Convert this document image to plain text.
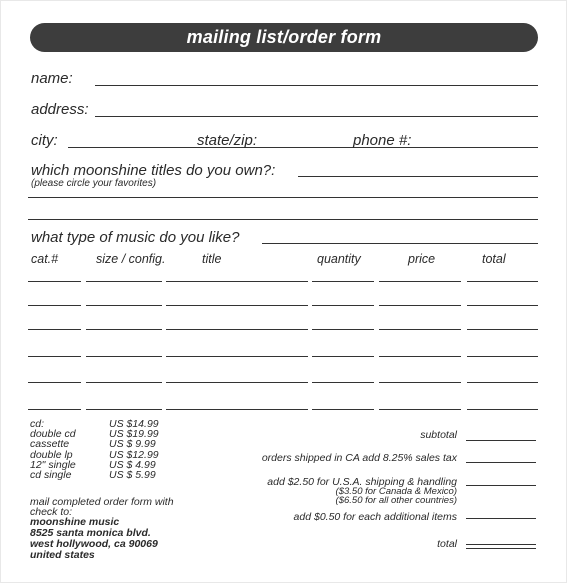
mailing list/order form
name:
address:
city:	state/zip:	phone #:
which moonshine titles do you own?:
(please circle your favorites)
what type of music do you like?
cat.#	size / config.	title	quantity	price	total
cd:	US $14.99
double cd	US $19.99
cassette	US $ 9.99
double lp	US $12.99
12" single	US $ 4.99
cd single	US $ 5.99
mail completed order form with
check to:
moonshine music
8525 santa monica blvd.
west hollywood, ca 90069
united states
subtotal
orders shipped in CA add 8.25% sales tax
add $2.50 for U.S.A. shipping & handling
($3.50 for Canada & Mexico)
($6.50 for all other countries)
add $0.50 for each additional items
total
